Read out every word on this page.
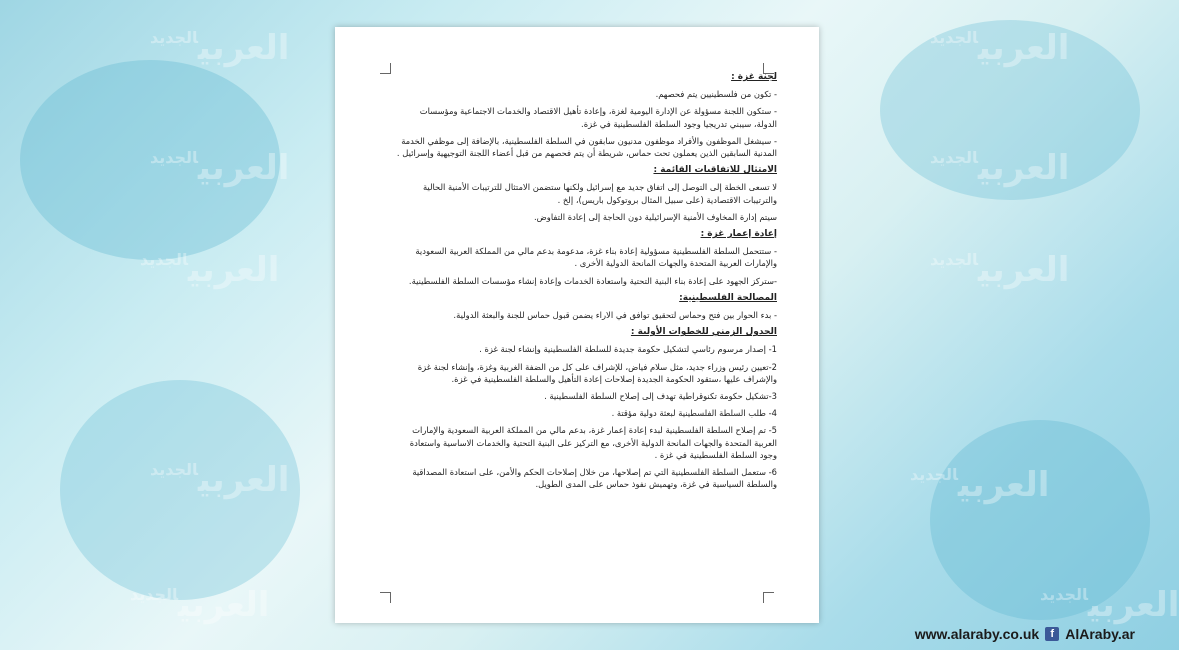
العربي$^{الجديد}$
العربي$^{الجديد}$
العربي$^{الجديد}$
العربي$^{الجديد}$
العربي$^{الجديد}$
العربي$^{الجديد}$
العربي$^{الجديد}$
العربي$^{الجديد}$
العربي$^{الجديد}$
العربي$^{الجديد}$
لجنة غزة :

- تكون من فلسطينيين يتم فحصهم.

- ستكون اللجنة مسؤولة عن الإدارة اليومية لغزة، وإعادة تأهيل الاقتصاد والخدمات الاجتماعية ومؤسسات الدولة، سيبني تدريجيا وجود السلطة الفلسطينية في غزة.

- سيشغل الموظفون والأفراد موظفون مدنيون سابقون في السلطة الفلسطينية، بالإضافة إلى موظفي الخدمة المدنية السابقين الذين يعملون تحت حماس، شريطة أن يتم فحصهم من قبل أعضاء اللجنة التوجيهية وإسرائيل .

الامتثال للاتفاقيات القائمة :

لا تسعى الخطة إلى التوصل إلى اتفاق جديد مع إسرائيل ولكنها ستضمن الامتثال للترتيبات الأمنية الحالية والترتيبات الاقتصادية (على سبيل المثال بروتوكول باريس)، إلخ .

سيتم إدارة المخاوف الأمنية الإسرائيلية دون الحاجة إلى إعادة التفاوض.

إعادة إعمار غزة :

- ستتحمل السلطة الفلسطينية مسؤولية إعادة بناء غزة، مدعومة بدعم مالي من المملكة العربية السعودية والإمارات العربية المتحدة والجهات المانحة الدولية الأخرى .

-ستركز الجهود على إعادة بناء البنية التحتية واستعادة الخدمات وإعادة إنشاء مؤسسات السلطة الفلسطينية.

المصالحة الفلسطينية:

- بدء الحوار بين فتح وحماس لتحقيق توافق في الاراء يضمن قبول حماس للجنة والبعثة الدولية.

الجدول الزمني للخطوات الأولية :

1- إصدار مرسوم رئاسي لتشكيل حكومة جديدة للسلطة الفلسطينية وإنشاء لجنة غزة .

2-تعيين رئيس وزراء جديد، مثل سلام فياض، للإشراف على كل من الضفة الغربية وغزة، وإنشاء لجنة غزة والإشراف عليها ،ستقود الحكومة الجديدة إصلاحات إعادة التأهيل والسلطة الفلسطينية في غزة.

3-تشكيل حكومة تكنوقراطية تهدف إلى إصلاح السلطة الفلسطينية .

4- طلب السلطة الفلسطينية لبعثة دولية مؤقتة .

5- تم إصلاح السلطة الفلسطينية لبدء إعادة إعمار غزة، بدعم مالي من المملكة العربية السعودية والإمارات العربية المتحدة والجهات المانحة الدولية الأخرى، مع التركيز على البنية التحتية والخدمات الاساسية واستعادة وجود السلطة الفلسطينية في غزة .

6- ستعمل السلطة الفلسطينية التي تم إصلاحها، من خلال إصلاحات الحكم والأمن، على استعادة المصداقية والسلطة السياسية في غزة، وتهميش نفوذ حماس على المدى الطويل.

www.alaraby.co.uk	f AlAraby.ar
